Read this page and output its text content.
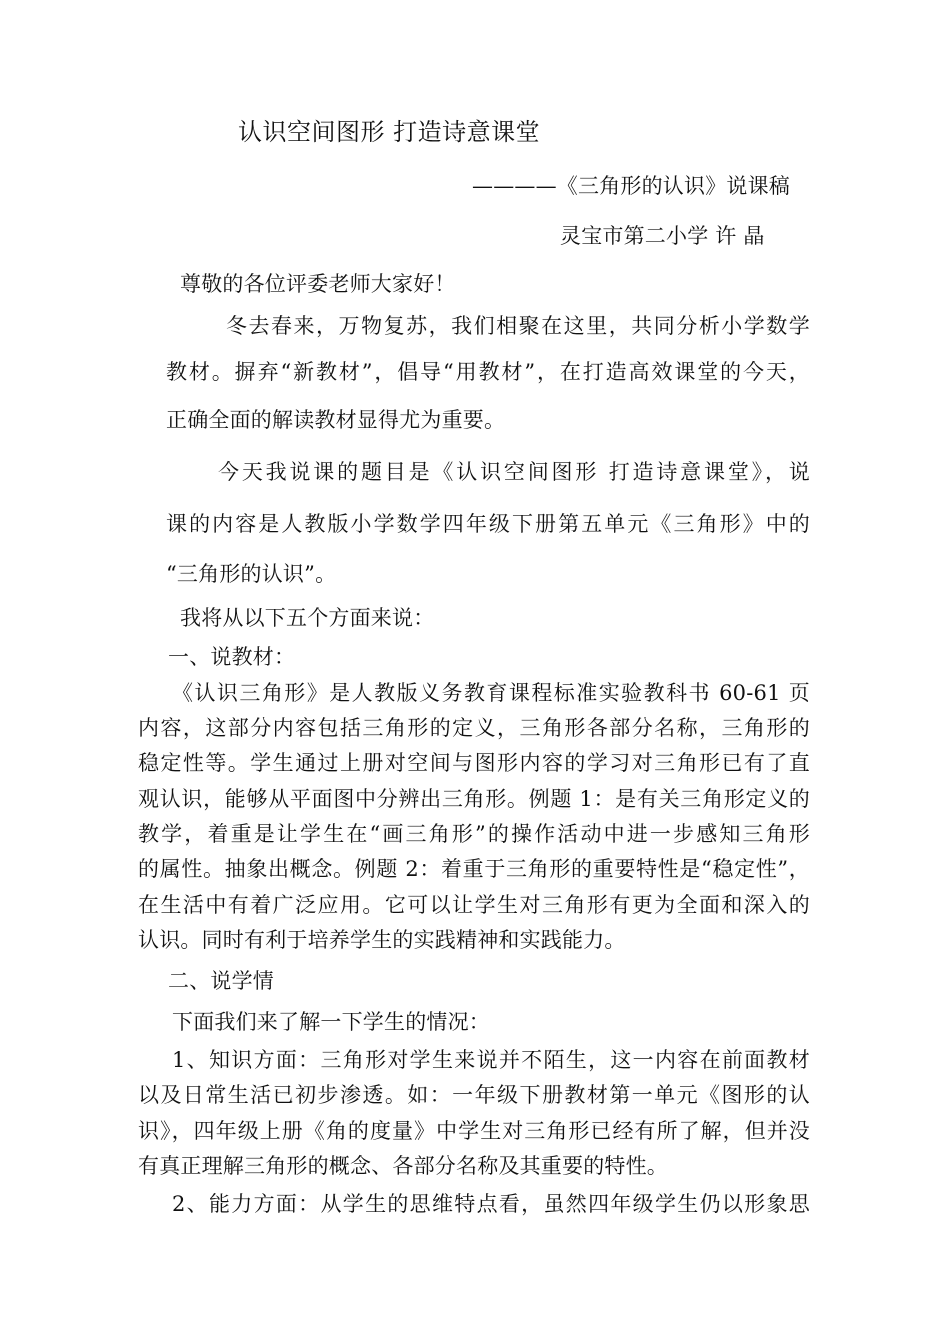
认识空间图形 打造诗意课堂
————《三角形的认识》说课稿
灵宝市第二小学 许 晶
尊敬的各位评委老师大家好！
冬去春来，万物复苏，我们相聚在这里，共同分析小学数学
教材。摒弃“新教材”，倡导“用教材”，在打造高效课堂的今天，
正确全面的解读教材显得尤为重要。
今天我说课的题目是《认识空间图形 打造诗意课堂》，说
课的内容是人教版小学数学四年级下册第五单元《三角形》中的
“三角形的认识”。
我将从以下五个方面来说：
一、说教材：
《认识三角形》是人教版义务教育课程标准实验教科书 60-61 页
内容，这部分内容包括三角形的定义，三角形各部分名称，三角形的
稳定性等。学生通过上册对空间与图形内容的学习对三角形已有了直
观认识，能够从平面图中分辨出三角形。例题 1：是有关三角形定义的
教学，着重是让学生在“画三角形”的操作活动中进一步感知三角形
的属性。抽象出概念。例题 2：着重于三角形的重要特性是“稳定性”，
在生活中有着广泛应用。它可以让学生对三角形有更为全面和深入的
认识。同时有利于培养学生的实践精神和实践能力。
二、说学情
下面我们来了解一下学生的情况：
1、知识方面：三角形对学生来说并不陌生，这一内容在前面教材
以及日常生活已初步渗透。如：一年级下册教材第一单元《图形的认
识》，四年级上册《角的度量》中学生对三角形已经有所了解，但并没
有真正理解三角形的概念、各部分名称及其重要的特性。
2、能力方面：从学生的思维特点看，虽然四年级学生仍以形象思
